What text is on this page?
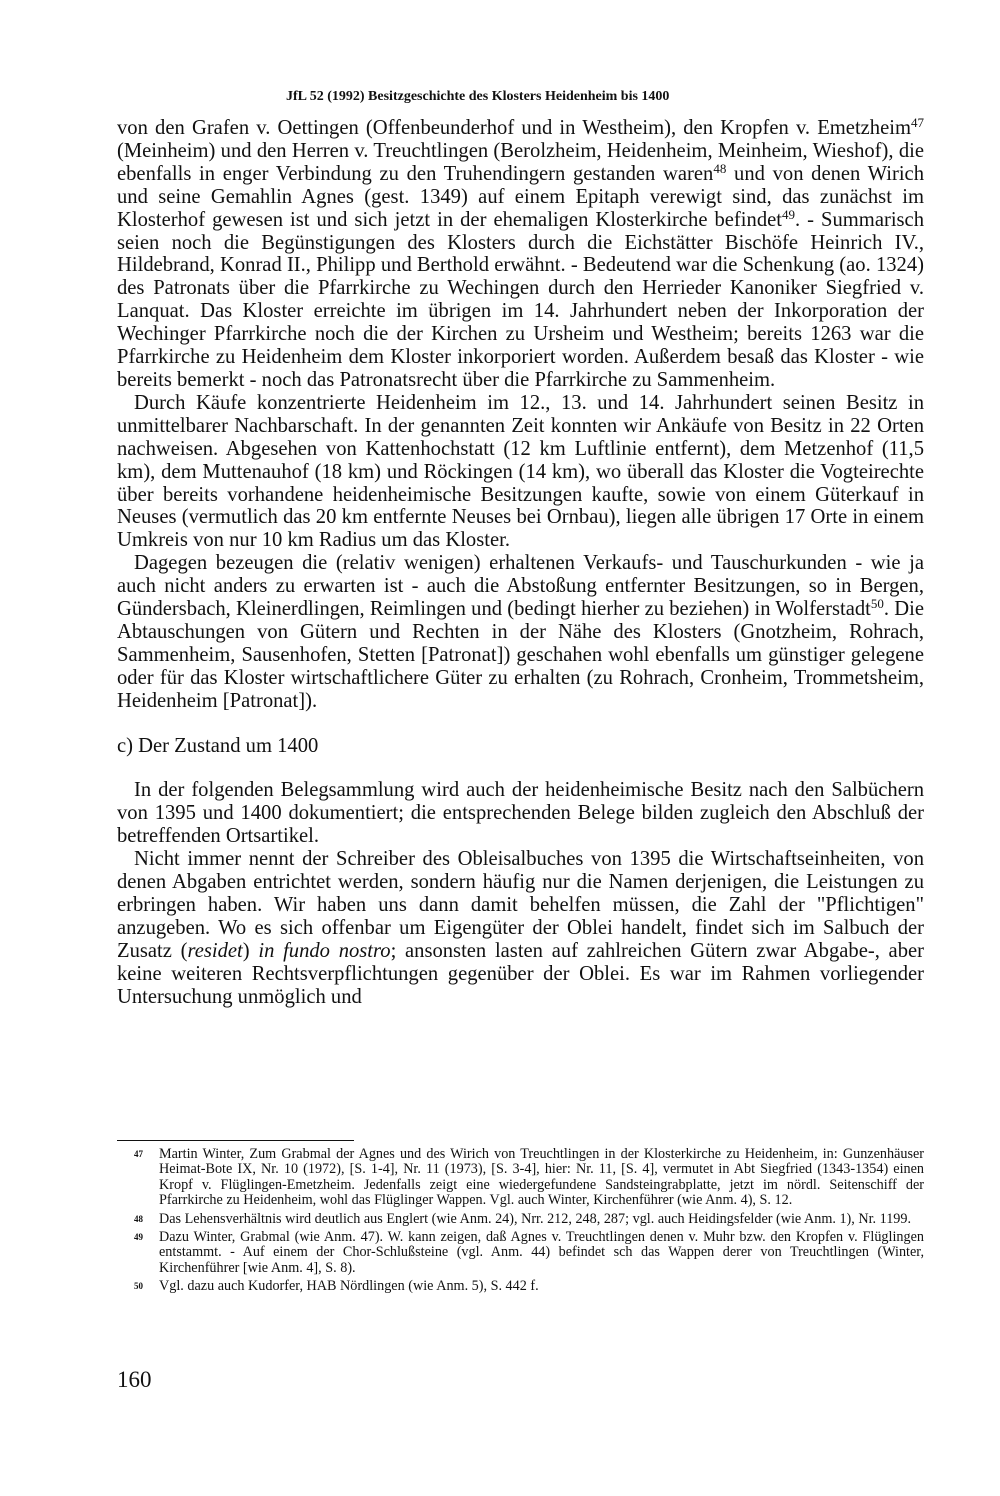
JfL 52 (1992) Besitzgeschichte des Klosters Heidenheim bis 1400

von den Grafen v. Oettingen (Offenbeunderhof und in Westheim), den Kropfen v. Emetzheim$^{47}$ (Meinheim) und den Herren v. Treuchtlingen (Berolzheim, Heidenheim, Meinheim, Wieshof), die ebenfalls in enger Verbindung zu den Truhendingern gestanden waren$^{48}$ und von denen Wirich und seine Gemahlin Agnes (gest. 1349) auf einem Epitaph verewigt sind, das zunächst im Klosterhof gewesen ist und sich jetzt in der ehemaligen Klosterkirche befindet$^{49}$. - Summarisch seien noch die Begünstigungen des Klosters durch die Eichstätter Bischöfe Heinrich IV., Hildebrand, Konrad II., Philipp und Berthold erwähnt. - Bedeutend war die Schenkung (ao. 1324) des Patronats über die Pfarrkirche zu Wechingen durch den Herrieder Kanoniker Siegfried v. Lanquat. Das Kloster erreichte im übrigen im 14. Jahrhundert neben der Inkorporation der Wechinger Pfarrkirche noch die der Kirchen zu Ursheim und Westheim; bereits 1263 war die Pfarrkirche zu Heidenheim dem Kloster inkorporiert worden. Außerdem besaß das Kloster - wie bereits bemerkt - noch das Patronatsrecht über die Pfarrkirche zu Sammenheim.

Durch Käufe konzentrierte Heidenheim im 12., 13. und 14. Jahrhundert seinen Besitz in unmittelbarer Nachbarschaft. In der genannten Zeit konnten wir Ankäufe von Besitz in 22 Orten nachweisen. Abgesehen von Kattenhochstatt (12 km Luftlinie entfernt), dem Metzenhof (11,5 km), dem Muttenauhof (18 km) und Röckingen (14 km), wo überall das Kloster die Vogteirechte über bereits vorhandene heidenheimische Besitzungen kaufte, sowie von einem Güterkauf in Neuses (vermutlich das 20 km entfernte Neuses bei Ornbau), liegen alle übrigen 17 Orte in einem Umkreis von nur 10 km Radius um das Kloster.

Dagegen bezeugen die (relativ wenigen) erhaltenen Verkaufs- und Tauschurkunden - wie ja auch nicht anders zu erwarten ist - auch die Abstoßung entfernter Besitzungen, so in Bergen, Gündersbach, Kleinerdlingen, Reimlingen und (bedingt hierher zu beziehen) in Wolferstadt$^{50}$. Die Abtauschungen von Gütern und Rechten in der Nähe des Klosters (Gnotzheim, Rohrach, Sammenheim, Sausenhofen, Stetten [Patronat]) geschahen wohl ebenfalls um günstiger gelegene oder für das Kloster wirtschaftlichere Güter zu erhalten (zu Rohrach, Cronheim, Trommetsheim, Heidenheim [Patronat]).

c) Der Zustand um 1400

In der folgenden Belegsammlung wird auch der heidenheimische Besitz nach den Salbüchern von 1395 und 1400 dokumentiert; die entsprechenden Belege bilden zugleich den Abschluß der betreffenden Ortsartikel.

Nicht immer nennt der Schreiber des Obleisalbuches von 1395 die Wirtschaftseinheiten, von denen Abgaben entrichtet werden, sondern häufig nur die Namen derjenigen, die Leistungen zu erbringen haben. Wir haben uns dann damit behelfen müssen, die Zahl der "Pflichtigen" anzugeben. Wo es sich offenbar um Eigengüter der Oblei handelt, findet sich im Salbuch der Zusatz (residet) in fundo nostro; ansonsten lasten auf zahlreichen Gütern zwar Abgabe-, aber keine weiteren Rechtsverpflichtungen gegenüber der Oblei. Es war im Rahmen vorliegender Untersuchung unmöglich und

47 Martin Winter, Zum Grabmal der Agnes und des Wirich von Treuchtlingen in der Klosterkirche zu Heidenheim, in: Gunzenhäuser Heimat-Bote IX, Nr. 10 (1972), [S. 1-4], Nr. 11 (1973), [S. 3-4], hier: Nr. 11, [S. 4], vermutet in Abt Siegfried (1343-1354) einen Kropf v. Flüglingen-Emetzheim. Jedenfalls zeigt eine wiedergefundene Sandsteingrabplatte, jetzt im nördl. Seitenschiff der Pfarrkirche zu Heidenheim, wohl das Flüglinger Wappen. Vgl. auch Winter, Kirchenführer (wie Anm. 4), S. 12.
48 Das Lehensverhältnis wird deutlich aus Englert (wie Anm. 24), Nrr. 212, 248, 287; vgl. auch Heidingsfelder (wie Anm. 1), Nr. 1199.
49 Dazu Winter, Grabmal (wie Anm. 47). W. kann zeigen, daß Agnes v. Treuchtlingen denen v. Muhr bzw. den Kropfen v. Flüglingen entstammt. - Auf einem der Chor-Schlußsteine (vgl. Anm. 44) befindet sch das Wappen derer von Treuchtlingen (Winter, Kirchenführer [wie Anm. 4], S. 8).
50 Vgl. dazu auch Kudorfer, HAB Nördlingen (wie Anm. 5), S. 442 f.
160
